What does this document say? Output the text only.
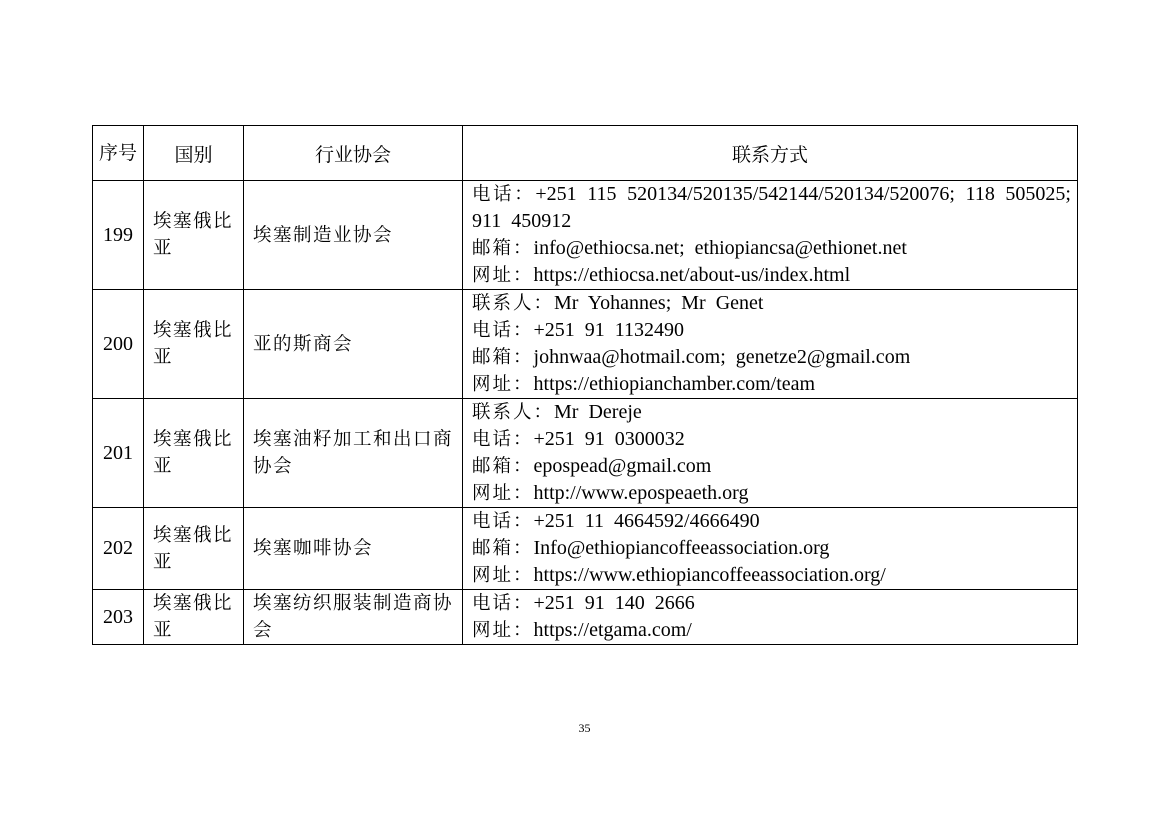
序号	国别	行业协会	联系方式
199	埃塞俄比亚	埃塞制造业协会	电话：+251 115 520134/520135/542144/520134/520076; 118 505025; 911 450912
邮箱：info@ethiocsa.net; ethiopiancsa@ethionet.net
网址：https://ethiocsa.net/about-us/index.html

200	埃塞俄比亚	亚的斯商会	联系人：Mr Yohannes; Mr Genet
电话：+251 91 1132490
邮箱：johnwaa@hotmail.com; genetze2@gmail.com
网址：https://ethiopianchamber.com/team

201	埃塞俄比亚	埃塞油籽加工和出口商协会	联系人：Mr Dereje
电话：+251 91 0300032
邮箱：epospead@gmail.com
网址：http://www.epospeaeth.org

202	埃塞俄比亚	埃塞咖啡协会	电话：+251 11 4664592/4666490
邮箱：Info@ethiopiancoffeeassociation.org
网址：https://www.ethiopiancoffeeassociation.org/

203	埃塞俄比亚	埃塞纺织服装制造商协会	电话：+251 91 140 2666
网址：https://etgama.com/
35
